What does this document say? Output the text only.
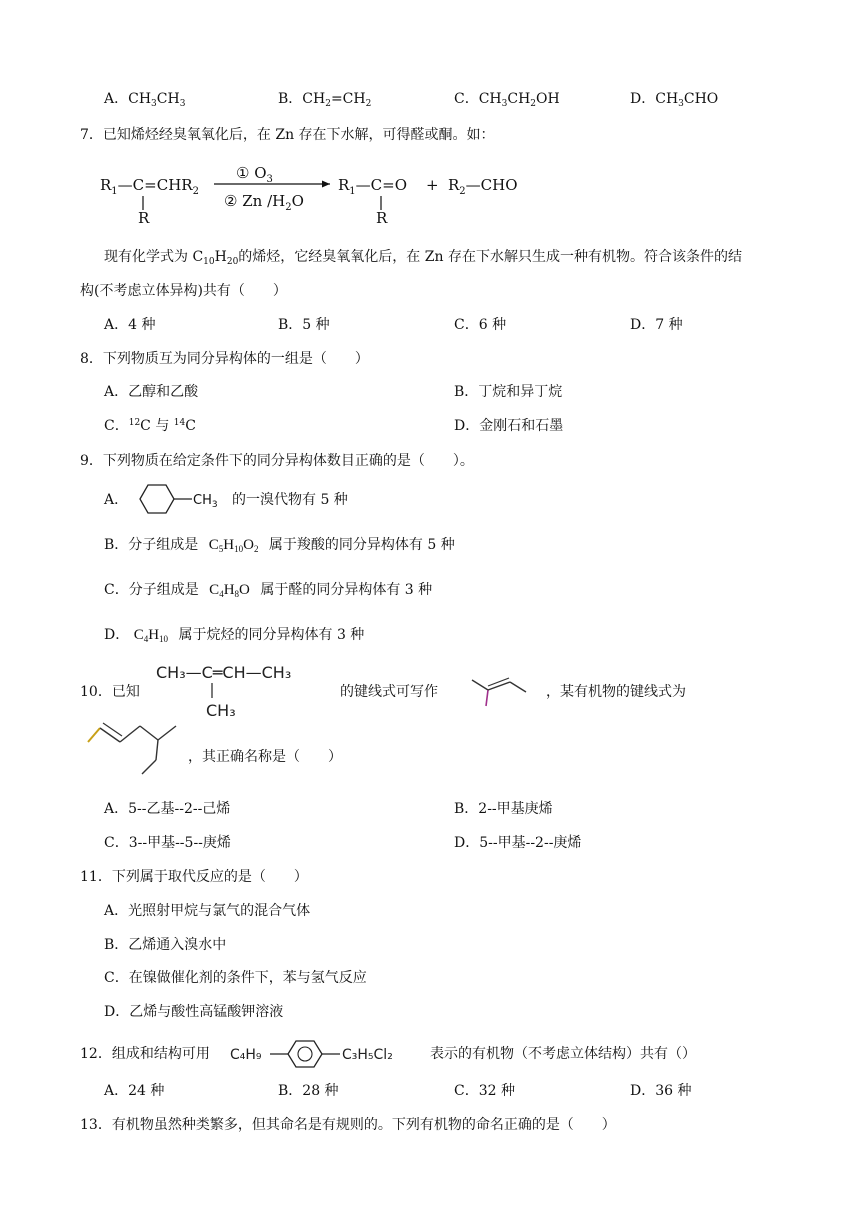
A．$CH_3CH_3$	B．$CH_2=CH_2$	C．$CH_3CH_2OH$	D．$CH_3CHO$
7．已知烯烃经臭氧氧化后，在 Zn 存在下水解，可得醛或酮。如：
$R_1—C=CHR_2$
R
① $O_3$
② Zn $/H_2O$
$R_1—C=O$
R
+ $R_2—CHO$
现有化学式为 $C_{10}H_{20}$的烯烃，它经臭氧氧化后，在 Zn 存在下水解只生成一种有机物。符合该条件的结
构(不考虑立体异构)共有（　　）
A．4 种	B．5 种	C．6 种	D．7 种
8．下列物质互为同分异构体的一组是（　　）
A．乙醇和乙酸	B．丁烷和异丁烷
C．$^{12}$C 与 $^{14}$C	D．金刚石和石墨
9．下列物质在给定条件下的同分异构体数目正确的是（　　）。
A．	$CH_3$ 的一溴代物有 5 种
B．分子组成是 $C_5H_{10}O_2$ 属于羧酸的同分异构体有 5 种
C．分子组成是 $C_4H_8O$ 属于醛的同分异构体有 3 种
D． $C_4H_{10}$ 属于烷烃的同分异构体有 3 种
10．已知
CH₃—C═CH—CH₃
CH₃
的键线式可写作	，某有机物的键线式为
，其正确名称是（　　）
A．5--乙基--2--己烯	B．2--甲基庚烯
C．3--甲基--5--庚烯	D．5--甲基--2--庚烯
11．下列属于取代反应的是（　　）
A．光照射甲烷与氯气的混合气体
B．乙烯通入溴水中
C．在镍做催化剂的条件下，苯与氢气反应
D．乙烯与酸性高锰酸钾溶液
12．组成和结构可用 C₄H₉	C₃H₅Cl₂	表示的有机物（不考虑立体结构）共有（）
A．24 种	B．28 种	C．32 种	D．36 种
13．有机物虽然种类繁多，但其命名是有规则的。下列有机物的命名正确的是（　　）
